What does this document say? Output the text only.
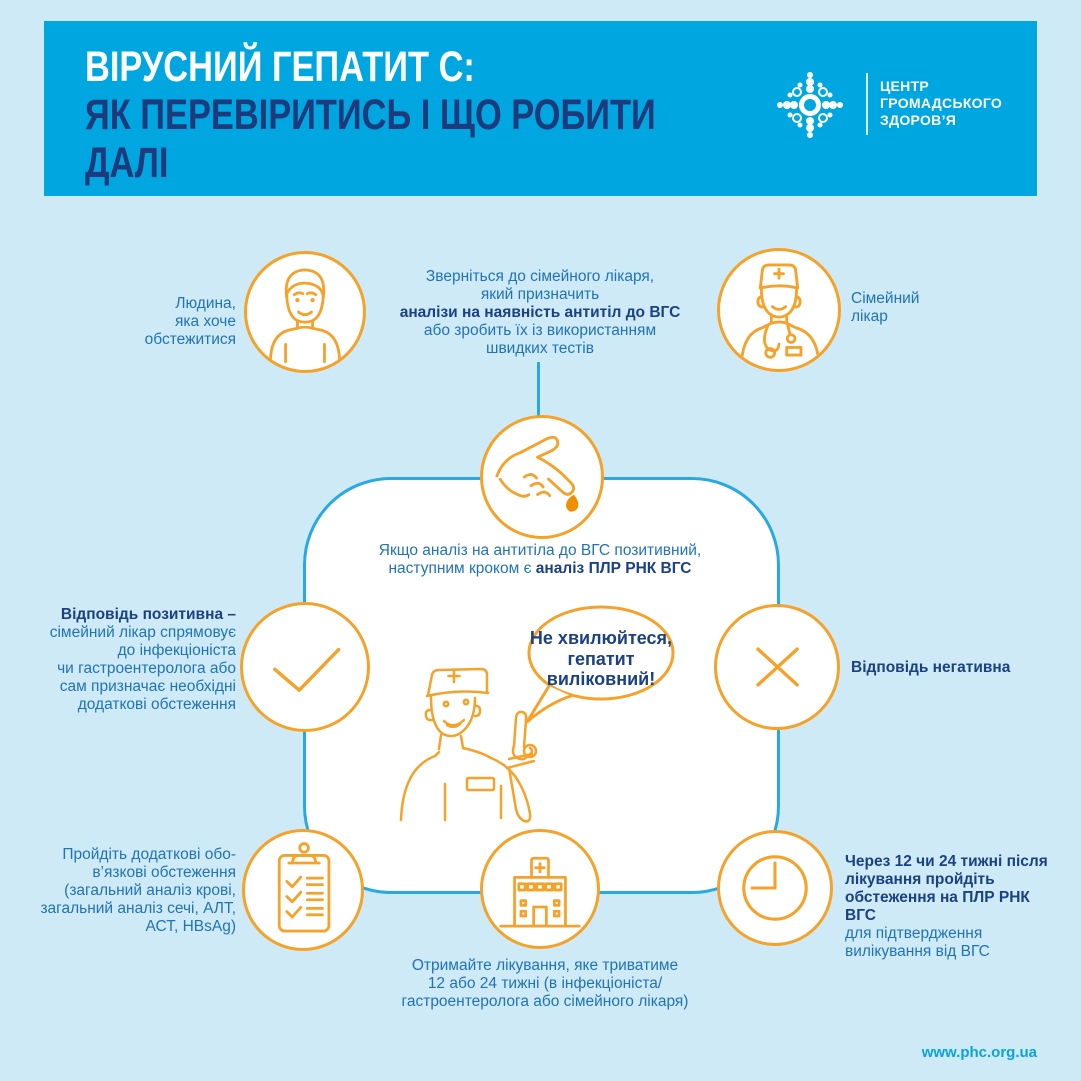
ВІРУСНИЙ ГЕПАТИТ С:
ЯК ПЕРЕВІРИТИСЬ І ЩО РОБИТИ
ДАЛІ
ЦЕНТР
ГРОМАДСЬКОГО
ЗДОРОВ’Я
Не хвилюйтеся,
гепатит
виліковний!
Людина,
яка хоче
обстежитися
Зверніться до сімейного лікаря,
який призначить
аналізи на наявність антитіл до ВГС
або зробить їх із використанням
швидких тестів
Сімейний
лікар
Якщо аналіз на антитіла до ВГС позитивний,
наступним кроком є аналіз ПЛР РНК ВГС
Відповідь позитивна –
сімейний лікар спрямовує
до інфекціоніста
чи гастроентеролога або
сам призначає необхідні
додаткові обстеження
Відповідь негативна
Пройдіть додаткові обо-
в’язкові обстеження
(загальний аналіз крові,
загальний аналіз сечі, АЛТ,
АСТ, HBsAg)
Отримайте лікування, яке триватиме
12 або 24 тижні (в інфекціоніста/
гастроентеролога або сімейного лікаря)
Через 12 чи 24 тижні після
лікування пройдіть
обстеження на ПЛР РНК ВГС
для підтвердження
вилікування від ВГС
www.phc.org.ua
